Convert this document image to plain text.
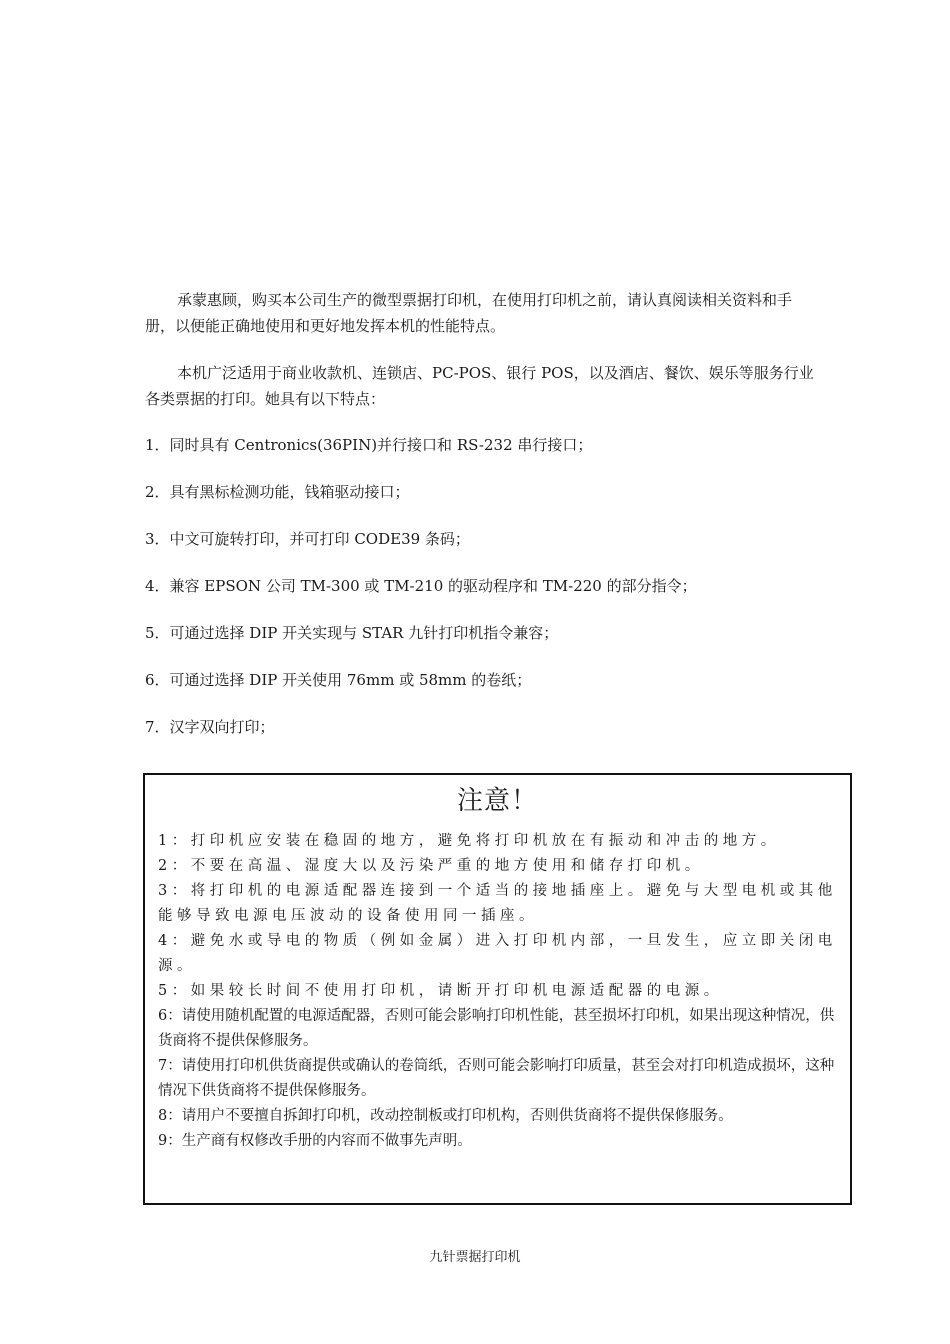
承蒙惠顾，购买本公司生产的微型票据打印机，在使用打印机之前，请认真阅读相关资料和手册，以便能正确地使用和更好地发挥本机的性能特点。

本机广泛适用于商业收款机、连锁店、PC-POS、银行 POS，以及酒店、餐饮、娱乐等服务行业各类票据的打印。她具有以下特点：

1．同时具有 Centronics(36PIN)并行接口和 RS-232 串行接口；
2．具有黑标检测功能，钱箱驱动接口；
3．中文可旋转打印，并可打印 CODE39 条码；
4．兼容 EPSON 公司 TM-300 或 TM-210 的驱动程序和 TM-220 的部分指令；
5．可通过选择 DIP 开关实现与 STAR 九针打印机指令兼容；
6．可通过选择 DIP 开关使用 76mm 或 58mm 的卷纸；
7．汉字双向打印；
注意！
1：打印机应安装在稳固的地方，避免将打印机放在有振动和冲击的地方。
2：不要在高温、湿度大以及污染严重的地方使用和储存打印机。
3：将打印机的电源适配器连接到一个适当的接地插座上。避免与大型电机或其他能够导致电源电压波动的设备使用同一插座。
4：避免水或导电的物质（例如金属）进入打印机内部，一旦发生，应立即关闭电源。
5：如果较长时间不使用打印机，请断开打印机电源适配器的电源。
6：请使用随机配置的电源适配器，否则可能会影响打印机性能，甚至损坏打印机，如果出现这种情况，供货商将不提供保修服务。
7：请使用打印机供货商提供或确认的卷筒纸，否则可能会影响打印质量，甚至会对打印机造成损坏，这种情况下供货商将不提供保修服务。
8：请用户不要擅自拆卸打印机，改动控制板或打印机构，否则供货商将不提供保修服务。
9：生产商有权修改手册的内容而不做事先声明。
九针票据打印机
